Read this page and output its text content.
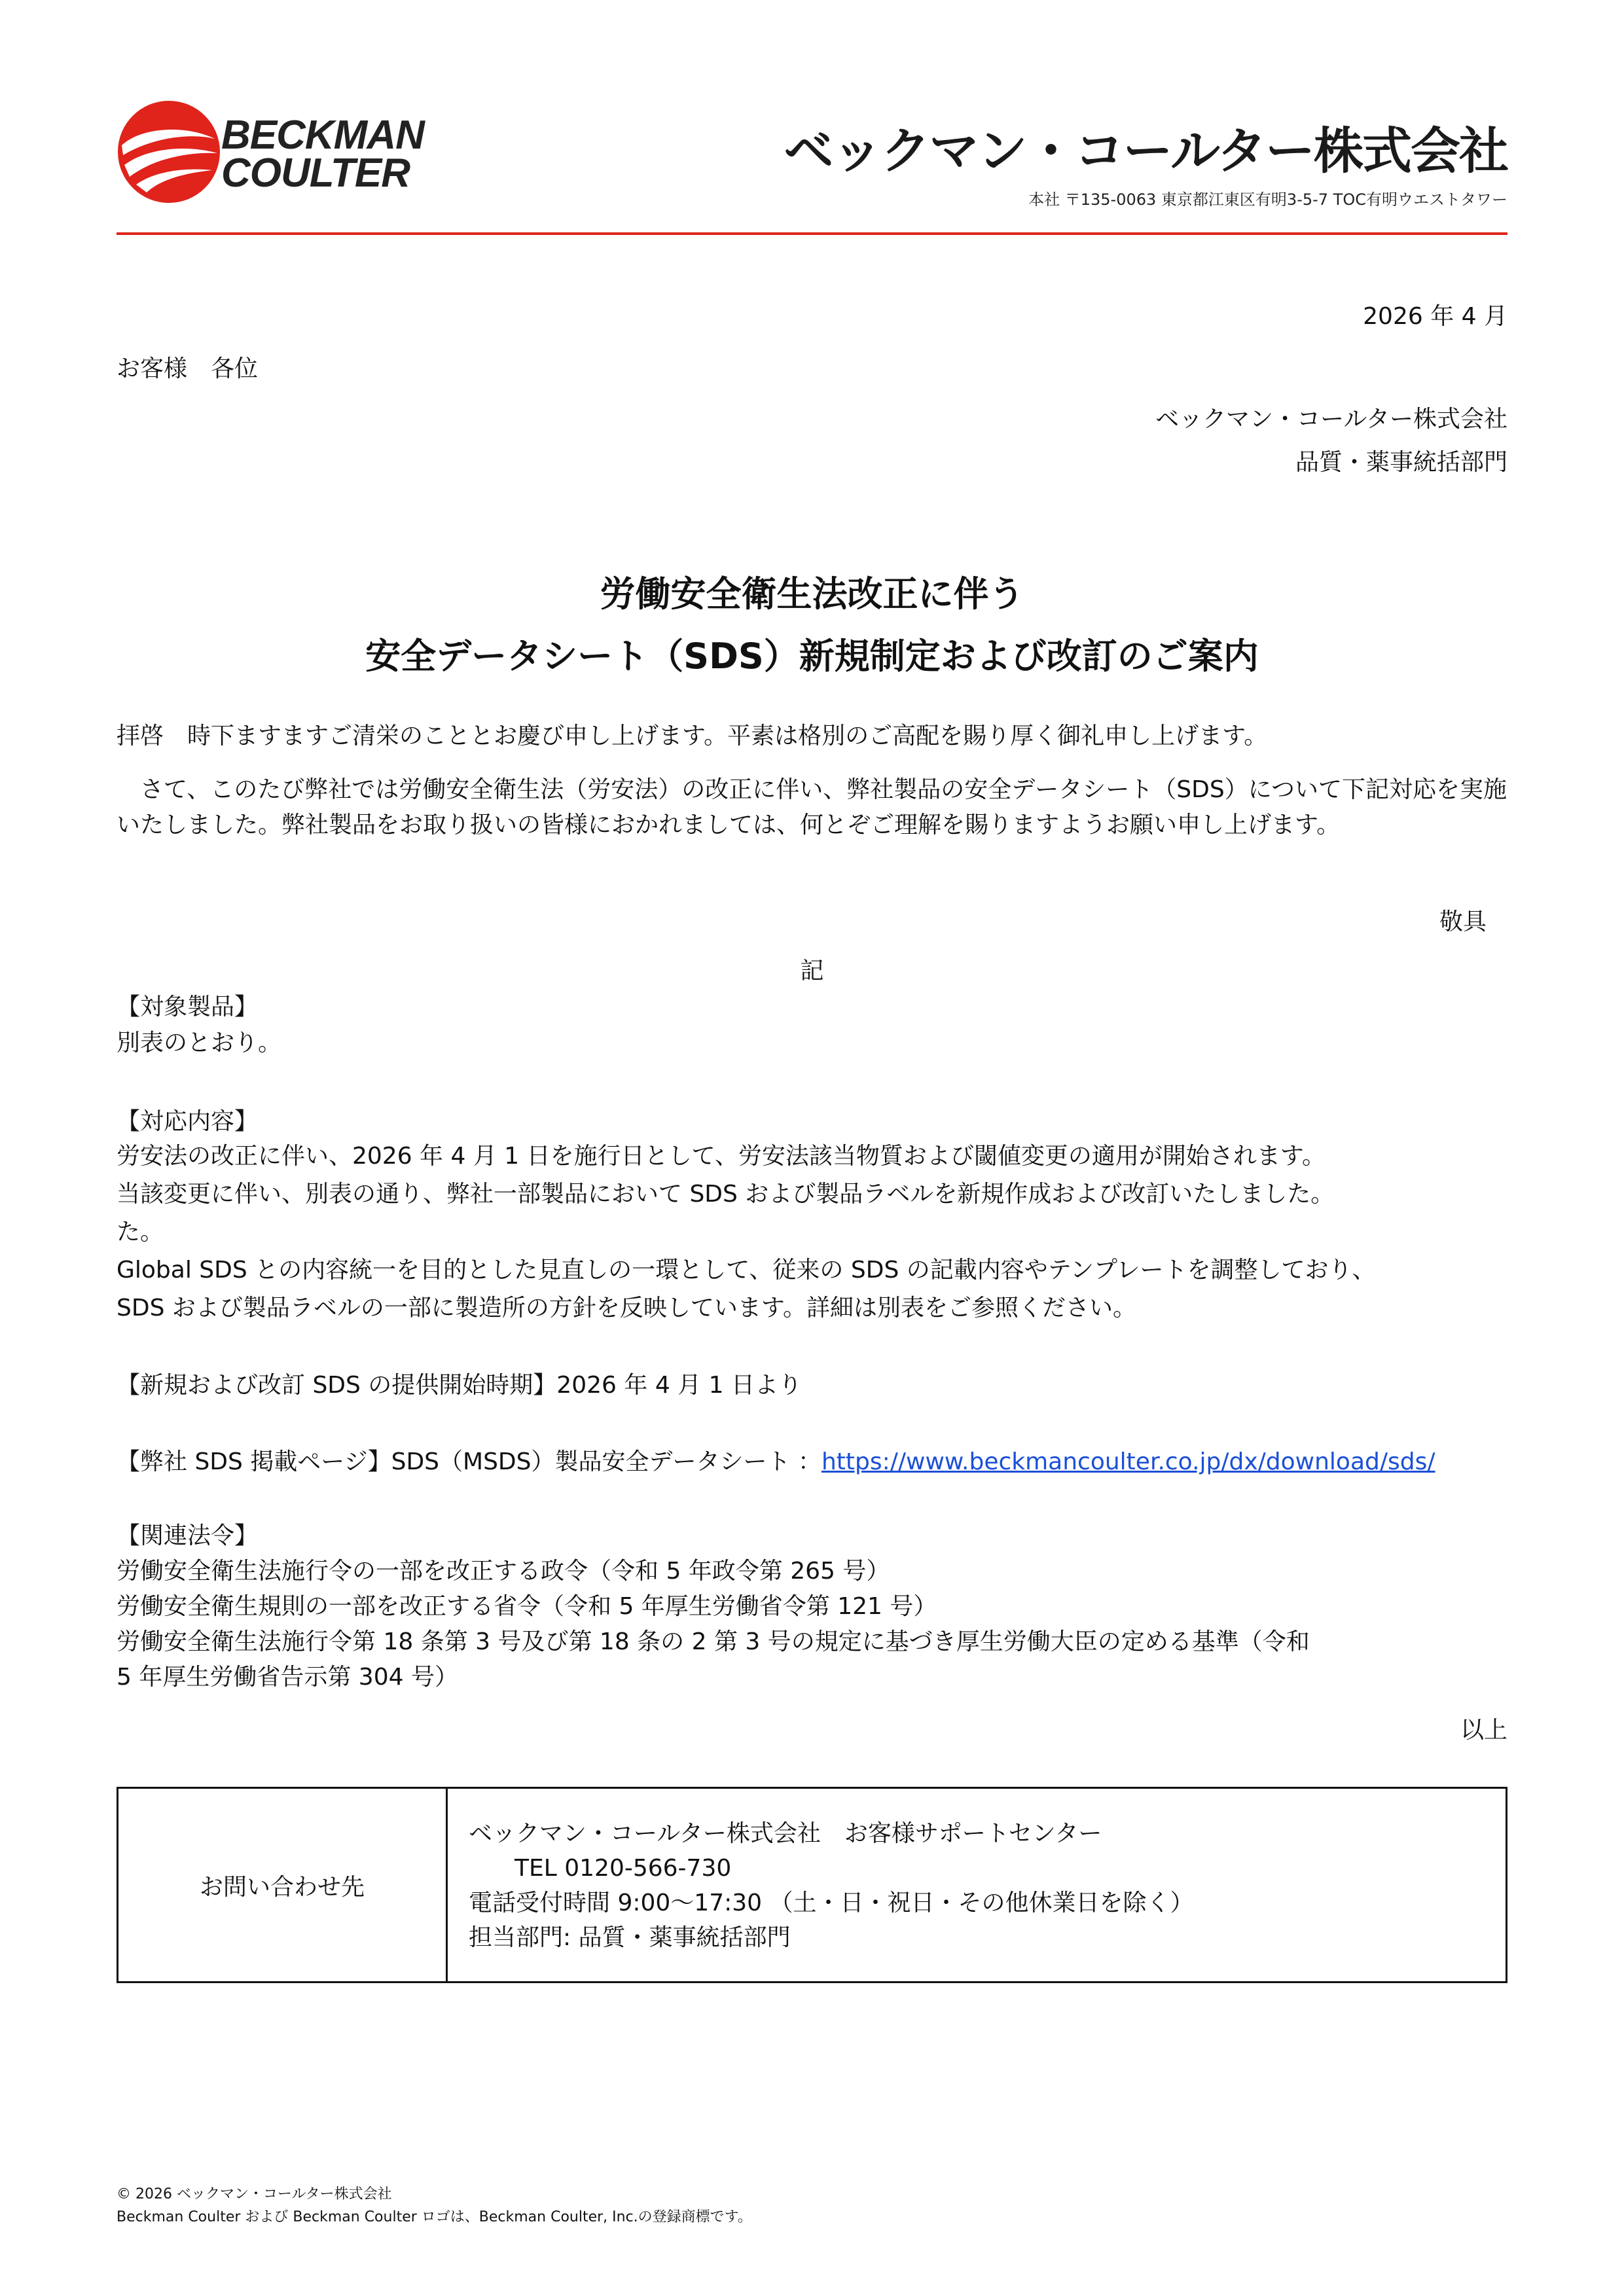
BECKMAN
COULTER	ベックマン・コールター株式会社
本社 〒135-0063 東京都江東区有明3-5-7 TOC有明ウエストタワー
2026 年 4 月
お客様　各位
ベックマン・コールター株式会社
品質・薬事統括部門
労働安全衛生法改正に伴う
安全データシート（SDS）新規制定および改訂のご案内
拝啓　時下ますますご清栄のこととお慶び申し上げます。平素は格別のご高配を賜り厚く御礼申し上げます。
さて、このたび弊社では労働安全衛生法（労安法）の改正に伴い、弊社製品の安全データシート（SDS）について下記対応を実施いたしました。弊社製品をお取り扱いの皆様におかれましては、何とぞご理解を賜りますようお願い申し上げます。
敬具
記
【対象製品】
別表のとおり。
【対応内容】
労安法の改正に伴い、2026 年 4 月 1 日を施行日として、労安法該当物質および閾値変更の適用が開始されます。
当該変更に伴い、別表の通り、弊社一部製品において SDS および製品ラベルを新規作成および改訂いたしました。
た。
Global SDS との内容統一を目的とした見直しの一環として、従来の SDS の記載内容やテンプレートを調整しており、
SDS および製品ラベルの一部に製造所の方針を反映しています。詳細は別表をご参照ください。
【新規および改訂 SDS の提供開始時期】2026 年 4 月 1 日より
【弊社 SDS 掲載ページ】SDS（MSDS）製品安全データシート ：https://www.beckmancoulter.co.jp/dx/download/sds/
【関連法令】
労働安全衛生法施行令の一部を改正する政令（令和 5 年政令第 265 号）
労働安全衛生規則の一部を改正する省令（令和 5 年厚生労働省令第 121 号）
労働安全衛生法施行令第 18 条第 3 号及び第 18 条の 2 第 3 号の規定に基づき厚生労働大臣の定める基準（令和
5 年厚生労働省告示第 304 号）
以上
お問い合わせ先
ベックマン・コールター株式会社　お客様サポートセンター
TEL 0120-566-730
電話受付時間 9:00～17:30 （土・日・祝日・その他休業日を除く）
担当部門: 品質・薬事統括部門
© 2026 ベックマン・コールター株式会社
Beckman Coulter および Beckman Coulter ロゴは、Beckman Coulter, Inc.の登録商標です。
